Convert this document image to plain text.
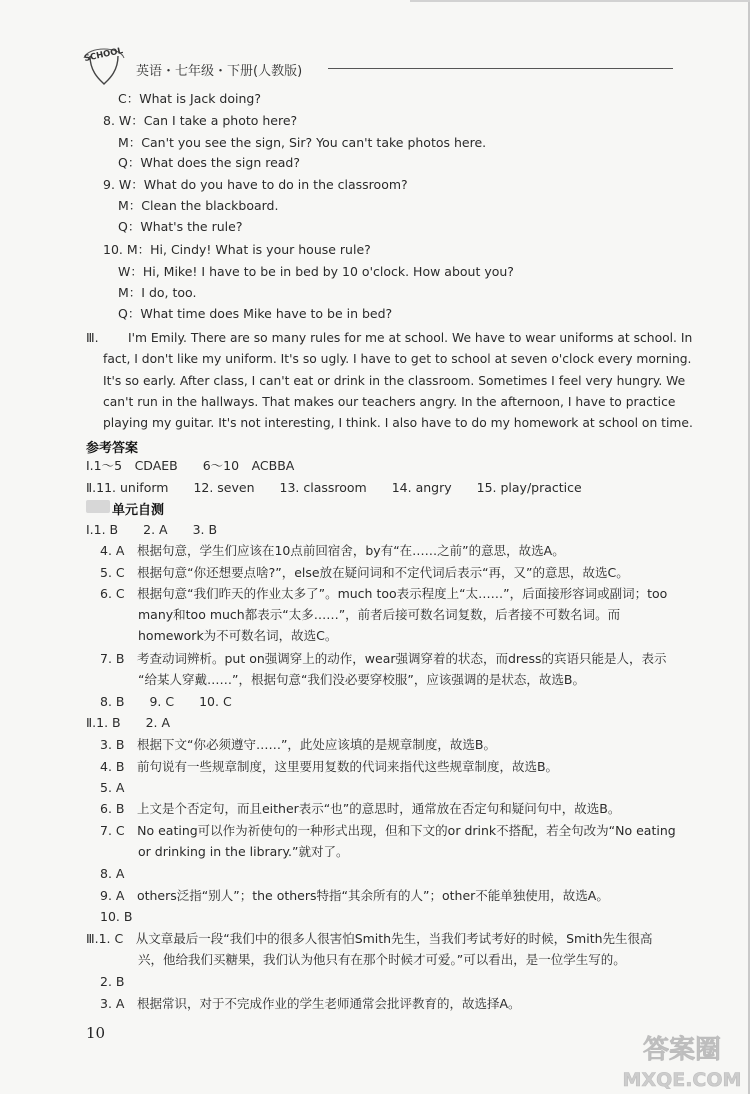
SCHOOL
英语・七年级・下册(人教版)
C：What is Jack doing?
8. W：Can I take a photo here?
M：Can't you see the sign, Sir? You can't take photos here.
Q：What does the sign read?
9. W：What do you have to do in the classroom?
M：Clean the blackboard.
Q：What's the rule?
10. M：Hi, Cindy! What is your house rule?
W：Hi, Mike! I have to be in bed by 10 o'clock. How about you?
M：I do, too.
Q：What time does Mike have to be in bed?
Ⅲ. I'm Emily. There are so many rules for me at school. We have to wear uniforms at school. In
fact, I don't like my uniform. It's so ugly. I have to get to school at seven o'clock every morning.
It's so early. After class, I can't eat or drink in the classroom. Sometimes I feel very hungry. We
can't run in the hallways. That makes our teachers angry. In the afternoon, I have to practice
playing my guitar. It's not interesting, I think. I also have to do my homework at school on time.
参考答案
Ⅰ.1～5　CDAEB　　6～10　ACBBA
Ⅱ.11. uniform　　12. seven　　13. classroom　　14. angry　　15. play/practice
单元自测
Ⅰ.1. B　　2. A　　3. B
4. A　根据句意，学生们应该在10点前回宿舍，by有“在……之前”的意思，故选A。
5. C　根据句意“你还想要点啥?”，else放在疑问词和不定代词后表示“再，又”的意思，故选C。
6. C　根据句意“我们昨天的作业太多了”。much too表示程度上“太……”，后面接形容词或副词；too
many和too much都表示“太多……”，前者后接可数名词复数，后者接不可数名词。而
homework为不可数名词，故选C。
7. B　考查动词辨析。put on强调穿上的动作，wear强调穿着的状态，而dress的宾语只能是人，表示
“给某人穿戴……”，根据句意“我们没必要穿校服”，应该强调的是状态，故选B。
8. B　　9. C　　10. C
Ⅱ.1. B　　2. A
3. B　根据下文“你必须遵守……”，此处应该填的是规章制度，故选B。
4. B　前句说有一些规章制度，这里要用复数的代词来指代这些规章制度，故选B。
5. A
6. B　上文是个否定句，而且either表示“也”的意思时，通常放在否定句和疑问句中，故选B。
7. C　No eating可以作为祈使句的一种形式出现，但和下文的or drink不搭配，若全句改为“No eating
or drinking in the library.”就对了。
8. A
9. A　others泛指“别人”；the others特指“其余所有的人”；other不能单独使用，故选A。
10. B
Ⅲ.1. C　从文章最后一段“我们中的很多人很害怕Smith先生，当我们考试考好的时候，Smith先生很高
兴，他给我们买糖果，我们认为他只有在那个时候才可爱。”可以看出，是一位学生写的。
2. B
3. A　根据常识，对于不完成作业的学生老师通常会批评教育的，故选择A。
10
答案圈
MXQE.COM
